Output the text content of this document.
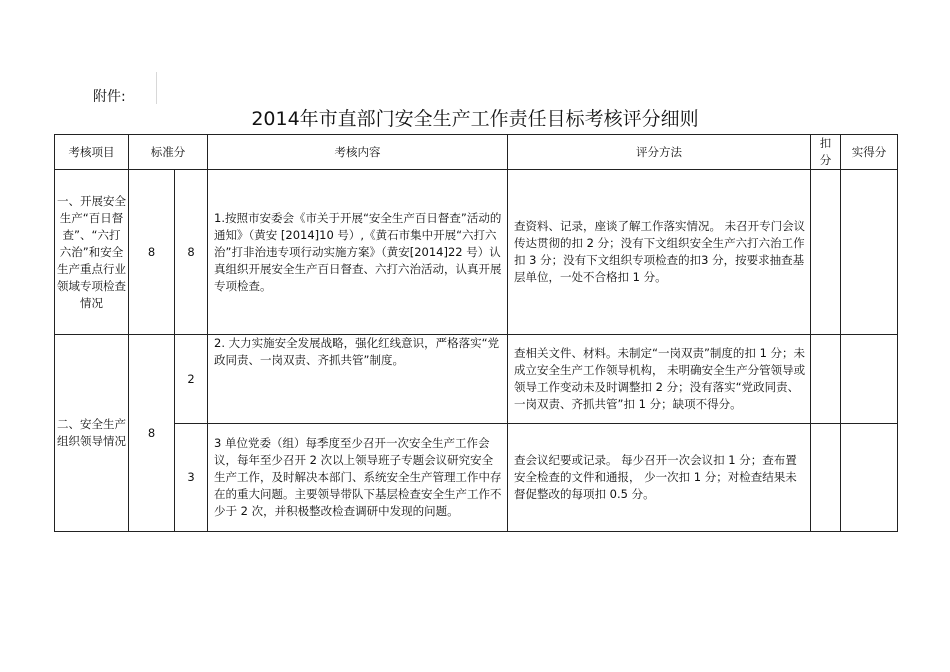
附件:
2014年市直部门安全生产工作责任目标考核评分细则
考核项目	标准分		考核内容	评分方法	扣分	实得分
一、开展安全生产“百日督查”、“六打六治”和安全生产重点行业领域专项检查情况	8	8	1.按照市安委会《市关于开展“安全生产百日督查”活动的通知》（黄安 [2014]10 号）,《黄石市集中开展“六打六治”打非治违专项行动实施方案》（黄安[2014]22 号）认真组织开展安全生产百日督查、六打六治活动，认真开展专项检查。	查资料、记录，座谈了解工作落实情况。 未召开专门会议传达贯彻的扣 2 分；没有下文组织安全生产六打六治工作扣 3 分；没有下文组织专项检查的扣3 分，按要求抽查基层单位，一处不合格扣 1 分。		
二、安全生产组织领导情况	8	2	2. 大力实施安全发展战略，强化红线意识，严格落实“党政同责、一岗双责、齐抓共管”制度。	查相关文件、材料。未制定“一岗双责”制度的扣 1 分；未成立安全生产工作领导机构， 未明确安全生产分管领导或领导工作变动未及时调整扣 2 分；没有落实“党政同责、一岗双责、齐抓共管”扣 1 分；缺项不得分。		
		3	3 单位党委（组）每季度至少召开一次安全生产工作会议，每年至少召开 2 次以上领导班子专题会议研究安全生产工作，及时解决本部门、系统安全生产管理工作中存在的重大问题。主要领导带队下基层检查安全生产工作不少于 2 次，并积极整改检查调研中发现的问题。	查会议纪要或记录。 每少召开一次会议扣 1 分；查布置安全检查的文件和通报， 少一次扣 1 分；对检查结果未督促整改的每项扣 0.5 分。		
